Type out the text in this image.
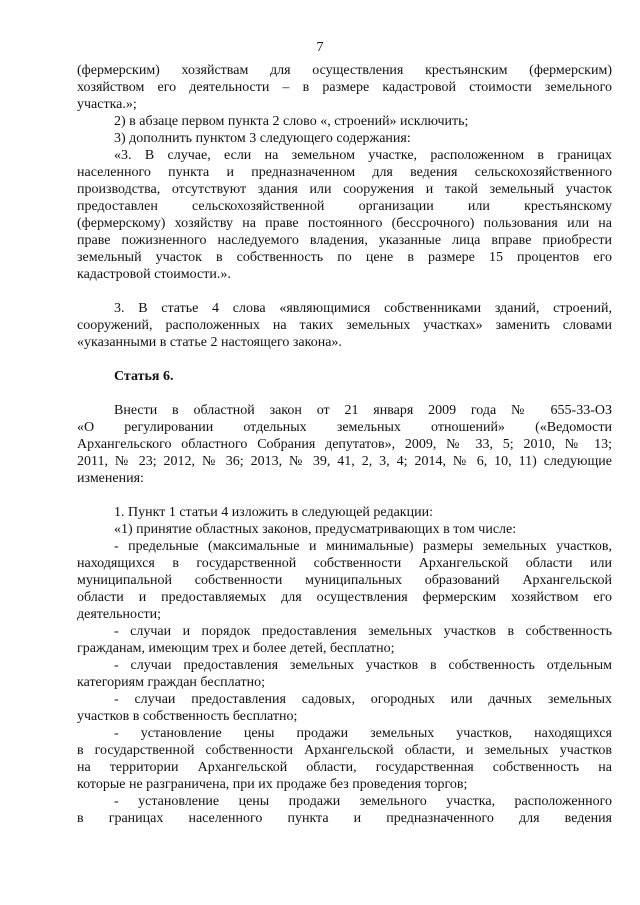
7
(фермерским) хозяйствам для осуществления крестьянским (фермерским)
хозяйством его деятельности – в размере кадастровой стоимости земельного
участка.»;
2) в абзаце первом пункта 2 слово «, строений» исключить;
3) дополнить пунктом 3 следующего содержания:
«3. В случае, если на земельном участке, расположенном в границах
населенного пункта и предназначенном для ведения сельскохозяйственного
производства, отсутствуют здания или сооружения и такой земельный участок
предоставлен сельскохозяйственной организации или крестьянскому
(фермерскому) хозяйству на праве постоянного (бессрочного) пользования или на
праве пожизненного наследуемого владения, указанные лица вправе приобрести
земельный участок в собственность по цене в размере 15 процентов его
кадастровой стоимости.».
3. В статье 4 слова «являющимися собственниками зданий, строений,
сооружений, расположенных на таких земельных участках» заменить словами
«указанными в статье 2 настоящего закона».
Статья 6.
Внести в областной закон от 21 января 2009 года № 655-33-ОЗ
«О регулировании отдельных земельных отношений» («Ведомости
Архангельского областного Собрания депутатов», 2009, № 33, 5; 2010, № 13;
2011, № 23; 2012, № 36; 2013, № 39, 41, 2, 3, 4; 2014, № 6, 10, 11) следующие
изменения:
1. Пункт 1 статьи 4 изложить в следующей редакции:
«1) принятие областных законов, предусматривающих в том числе:
- предельные (максимальные и минимальные) размеры земельных участков,
находящихся в государственной собственности Архангельской области или
муниципальной собственности муниципальных образований Архангельской
области и предоставляемых для осуществления фермерским хозяйством его
деятельности;
- случаи и порядок предоставления земельных участков в собственность
гражданам, имеющим трех и более детей, бесплатно;
- случаи предоставления земельных участков в собственность отдельным
категориям граждан бесплатно;
- случаи предоставления садовых, огородных или дачных земельных
участков в собственность бесплатно;
- установление цены продажи земельных участков, находящихся
в государственной собственности Архангельской области, и земельных участков
на территории Архангельской области, государственная собственность на
которые не разграничена, при их продаже без проведения торгов;
- установление цены продажи земельного участка, расположенного
в границах населенного пункта и предназначенного для ведения
